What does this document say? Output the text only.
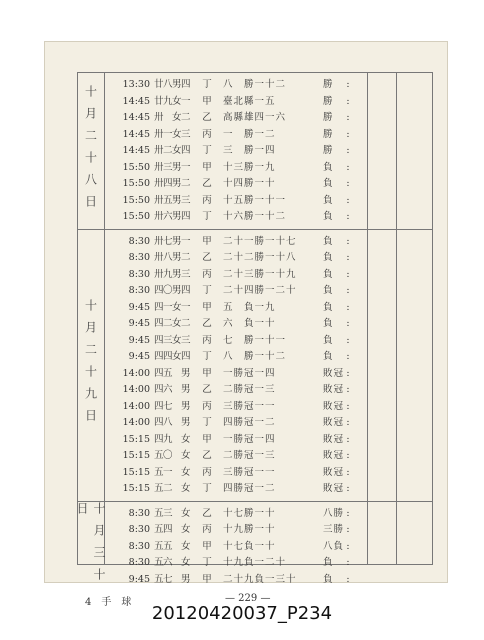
十月二十八日
13:30 廿八男四 丁 八　勝一十二	勝	:
14:45 廿九女一 甲 臺北縣一五	勝	:
14:45 卅　女二 乙 高縣雄四一六	勝	:
14:45 卅一女三 丙 一　勝一二	勝	:
14:45 卅二女四 丁 三　勝一四	勝	:
15:50 卅三男一 甲 十三勝一九	負	:
15:50 卅四男二 乙 十四勝一十	負	:
15:50 卅五男三 丙 十五勝一十一	負	:
15:50 卅六男四 丁 十六勝一十二	負	:
十月二十九日
8:30 卅七男一 甲 二十一勝一十七	負	:
8:30 卅八男二 乙 二十二勝一十八	負	:
8:30 卅九男三 丙 二十三勝一十九	負	:
8:30 四〇男四 丁 二十四勝一二十	負	:
9:45 四一女一 甲 五　負一九	負	:
9:45 四二女二 乙 六　負一十	負	:
9:45 四三女三 丙 七　勝一十一	負	:
9:45 四四女四 丁 八　勝一十二	負	:
14:00 四五　男 甲 一勝冠一四	敗冠 :
14:00 四六　男 乙 二勝冠一三	敗冠 :
14:00 四七　男 丙 三勝冠一一	敗冠 :
14:00 四八　男 丁 四勝冠一二	敗冠 :
15:15 四九　女 甲 一勝冠一四	敗冠 :
15:15 五〇　女 乙 二勝冠一三	敗冠 :
15:15 五一　女 丙 三勝冠一一	敗冠 :
15:15 五二　女 丁 四勝冠一二	敗冠 :
十月三十日	8:30 五三　女 乙 十七勝一十	八勝 :
8:30 五四　女 丙 十九勝一十	三勝 :
8:30 五五　女 甲 十七負一十	八負 :
8:30 五六　女 丁 十九負一二十	負	:
9:45 五七　男 甲 二十九負一三十	負	:
4　手　球	— 229 —
20120420037_P234
